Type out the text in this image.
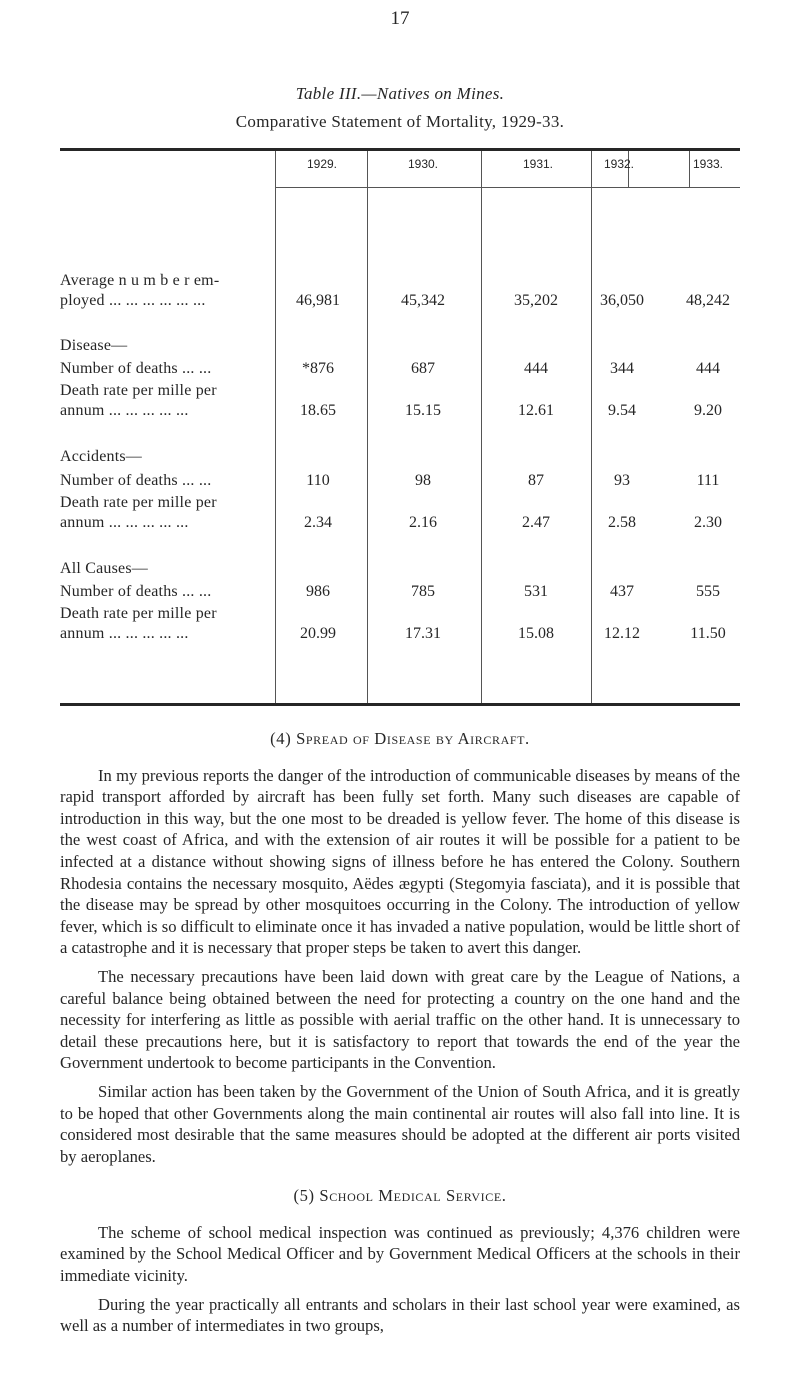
17
Table III.—Natives on Mines.
Comparative Statement of Mortality, 1929-33.
1929.	1930.	1931.	1932.	1933.
Average n u m b e r em-
ployed ... ... ... ... ... ...	46,981	45,342	35,202	36,050	48,242
Disease—
Number of deaths ... ...	*876	687	444	344	444
Death rate per mille per
annum ... ... ... ... ...	18.65	15.15	12.61	9.54	9.20
Accidents—
Number of deaths ... ...	110	98	87	93	111
Death rate per mille per
annum ... ... ... ... ...	2.34	2.16	2.47	2.58	2.30
All Causes—
Number of deaths ... ...	986	785	531	437	555
Death rate per mille per
annum ... ... ... ... ...	20.99	17.31	15.08	12.12	11.50
(4) Spread of Disease by Aircraft.

In my previous reports the danger of the introduction of communicable diseases by means of the rapid transport afforded by aircraft has been fully set forth. Many such diseases are capable of introduction in this way, but the one most to be dreaded is yellow fever. The home of this disease is the west coast of Africa, and with the extension of air routes it will be possible for a patient to be infected at a distance without showing signs of illness before he has entered the Colony. Southern Rhodesia contains the necessary mosquito, Aëdes ægypti (Stegomyia fasciata), and it is possible that the disease may be spread by other mosquitoes occurring in the Colony. The introduction of yellow fever, which is so difficult to eliminate once it has invaded a native population, would be little short of a catastrophe and it is necessary that proper steps be taken to avert this danger.

The necessary precautions have been laid down with great care by the League of Nations, a careful balance being obtained between the need for protecting a country on the one hand and the necessity for interfering as little as possible with aerial traffic on the other hand. It is unnecessary to detail these precautions here, but it is satisfactory to report that towards the end of the year the Government undertook to become participants in the Convention.

Similar action has been taken by the Government of the Union of South Africa, and it is greatly to be hoped that other Governments along the main continental air routes will also fall into line. It is considered most desirable that the same measures should be adopted at the different air ports visited by aeroplanes.

(5) School Medical Service.

The scheme of school medical inspection was continued as previously; 4,376 children were examined by the School Medical Officer and by Government Medical Officers at the schools in their immediate vicinity.

During the year practically all entrants and scholars in their last school year were examined, as well as a number of intermediates in two groups,
